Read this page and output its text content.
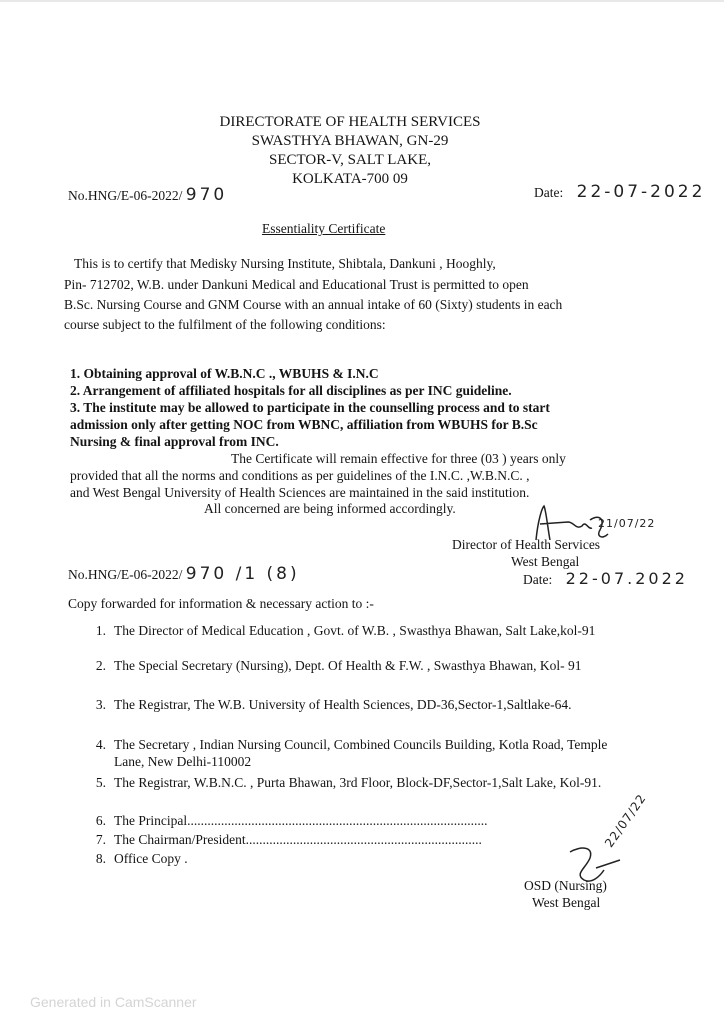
DIRECTORATE OF HEALTH SERVICES
SWASTHYA BHAWAN, GN-29
SECTOR-V, SALT LAKE,
KOLKATA-700 09
No.HNG/E-06-2022/ 970	Date: 22-07-2022
Essentiality Certificate
This is to certify that Medisky Nursing Institute, Shibtala, Dankuni , Hooghly,
Pin- 712702, W.B. under Dankuni Medical and Educational Trust is permitted to open
B.Sc. Nursing Course and GNM Course with an annual intake of 60 (Sixty) students in each
course subject to the fulfilment of the following conditions:
1. Obtaining approval of W.B.N.C ., WBUHS & I.N.C
2. Arrangement of affiliated hospitals for all disciplines as per INC guideline.
3. The institute may be allowed to participate in the counselling process and to start
admission only after getting NOC from WBNC, affiliation from WBUHS for B.Sc
Nursing & final approval from INC.
The Certificate will remain effective for three (03 ) years only
provided that all the norms and conditions as per guidelines of the I.N.C. ,W.B.N.C. ,
and West Bengal University of Health Sciences are maintained in the said institution.
All concerned are being informed accordingly.
21/07/22
Director of Health Services
West Bengal
Date: 22-07.2022
No.HNG/E-06-2022/ 970 /1 (8)
Copy forwarded for information & necessary action to :-
1. The Director of Medical Education , Govt. of W.B. , Swasthya Bhawan, Salt Lake,kol-91
2. The Special Secretary (Nursing), Dept. Of Health & F.W. , Swasthya Bhawan, Kol- 91
3. The Registrar, The W.B. University of Health Sciences, DD-36,Sector-1,Saltlake-64.
4. The Secretary , Indian Nursing Council, Combined Councils Building, Kotla Road, Temple Lane, New Delhi-110002
5. The Registrar, W.B.N.C. , Purta Bhawan, 3rd Floor, Block-DF,Sector-1,Salt Lake, Kol-91.
6. The Principal.........................................................................................
7. The Chairman/President......................................................................
8. Office Copy .
22/07/22
OSD (Nursing)
West Bengal
Generated in CamScanner
